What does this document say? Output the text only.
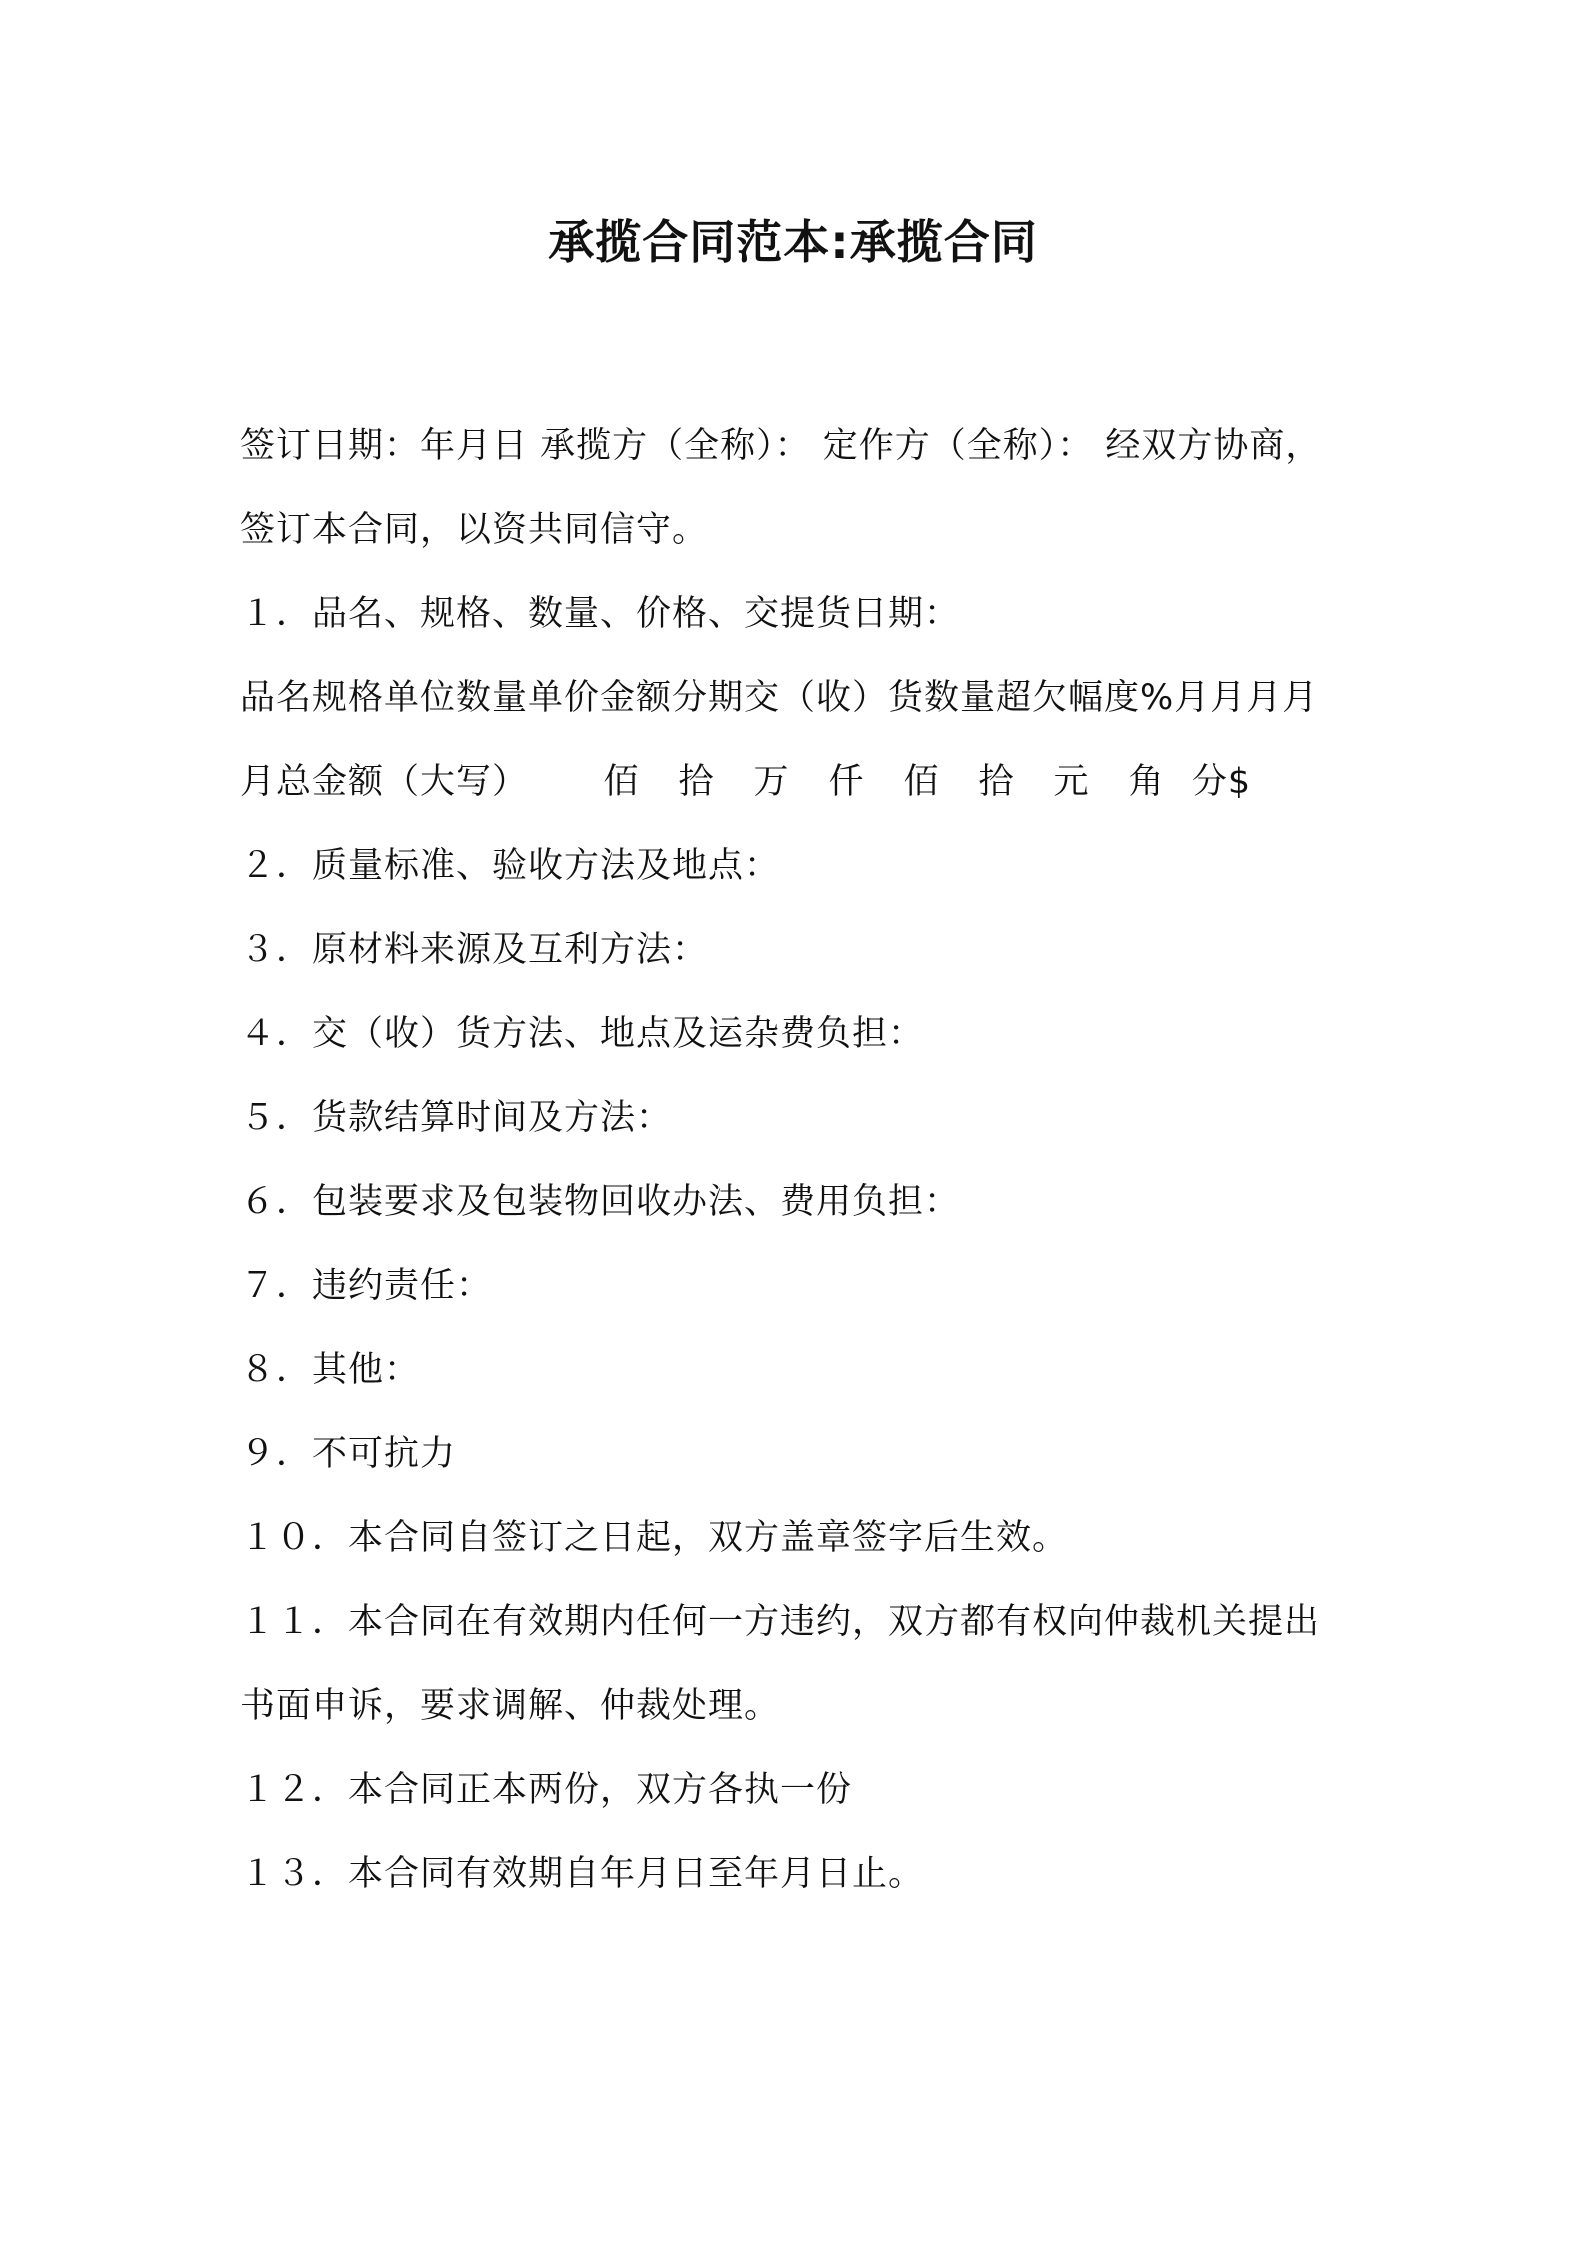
承揽合同范本:承揽合同

签订日期：年月日 承揽方（全称）： 定作方（全称）： 经双方协商，

签订本合同，以资共同信守。

１．品名、规格、数量、价格、交提货日期：

品名规格单位数量单价金额分期交（收）货数量超欠幅度%月月月月

月总金额（大写） 佰 拾 万 仟 佰 拾 元 角 分$

２．质量标准、验收方法及地点：

３．原材料来源及互利方法：

４．交（收）货方法、地点及运杂费负担：

５．货款结算时间及方法：

６．包装要求及包装物回收办法、费用负担：

７．违约责任：

８．其他：

９．不可抗力

１０．本合同自签订之日起，双方盖章签字后生效。

１１．本合同在有效期内任何一方违约，双方都有权向仲裁机关提出

书面申诉，要求调解、仲裁处理。

１２．本合同正本两份，双方各执一份

１３．本合同有效期自年月日至年月日止。
